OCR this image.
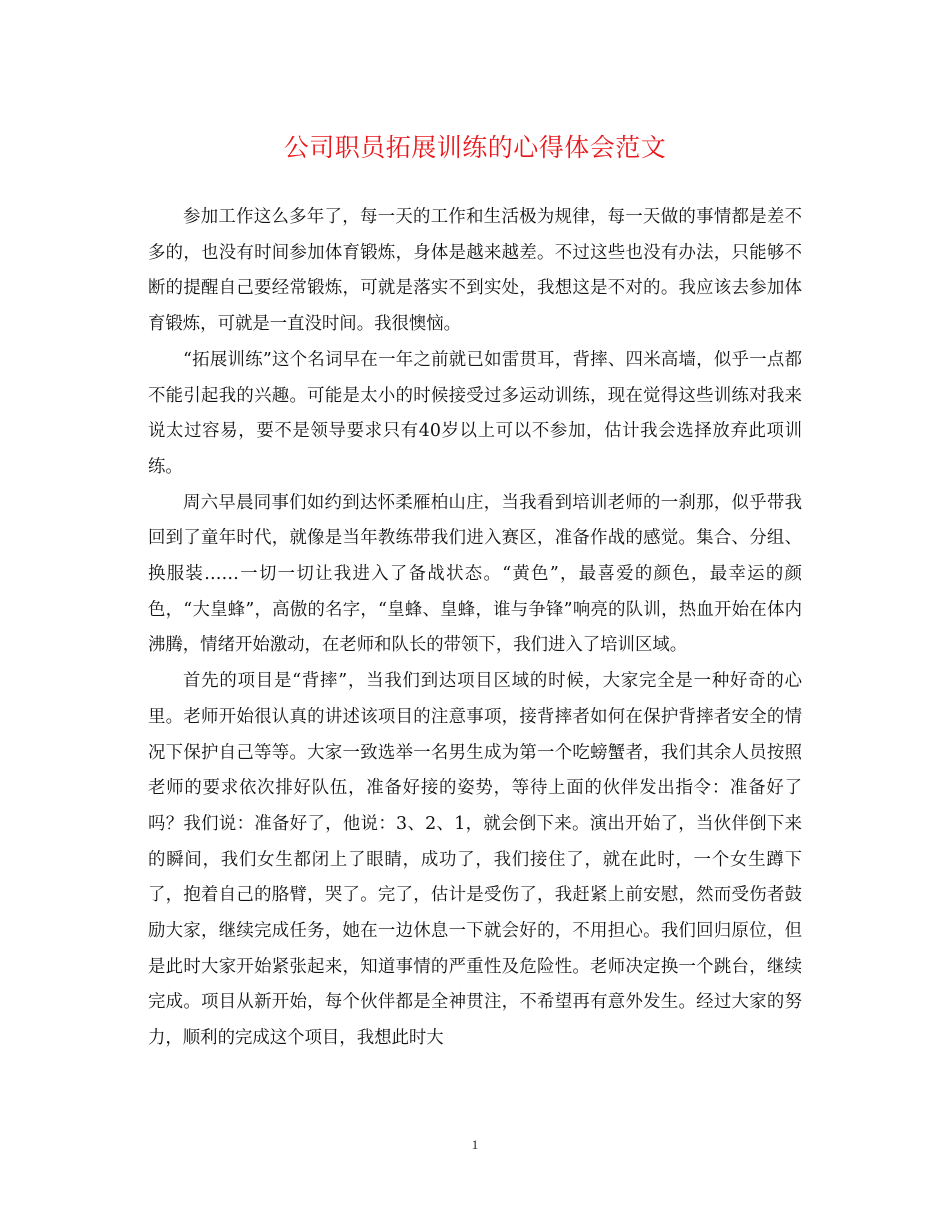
公司职员拓展训练的心得体会范文

参加工作这么多年了，每一天的工作和生活极为规律，每一天做的事情都是差不多的，也没有时间参加体育锻炼，身体是越来越差。不过这些也没有办法，只能够不断的提醒自己要经常锻炼，可就是落实不到实处，我想这是不对的。我应该去参加体育锻炼，可就是一直没时间。我很懊恼。

“拓展训练”这个名词早在一年之前就已如雷贯耳，背摔、四米高墙，似乎一点都不能引起我的兴趣。可能是太小的时候接受过多运动训练，现在觉得这些训练对我来说太过容易，要不是领导要求只有40岁以上可以不参加，估计我会选择放弃此项训练。

周六早晨同事们如约到达怀柔雁柏山庄，当我看到培训老师的一刹那，似乎带我回到了童年时代，就像是当年教练带我们进入赛区，准备作战的感觉。集合、分组、换服装……一切一切让我进入了备战状态。“黄色”，最喜爱的颜色，最幸运的颜色，“大皇蜂”，高傲的名字，“皇蜂、皇蜂，谁与争锋”响亮的队训，热血开始在体内沸腾，情绪开始激动，在老师和队长的带领下，我们进入了培训区域。

首先的项目是“背摔”，当我们到达项目区域的时候，大家完全是一种好奇的心里。老师开始很认真的讲述该项目的注意事项，接背摔者如何在保护背摔者安全的情况下保护自己等等。大家一致选举一名男生成为第一个吃螃蟹者，我们其余人员按照老师的要求依次排好队伍，准备好接的姿势，等待上面的伙伴发出指令：准备好了吗？我们说：准备好了，他说：3、2、1，就会倒下来。演出开始了，当伙伴倒下来的瞬间，我们女生都闭上了眼睛，成功了，我们接住了，就在此时，一个女生蹲下了，抱着自己的胳臂，哭了。完了，估计是受伤了，我赶紧上前安慰，然而受伤者鼓励大家，继续完成任务，她在一边休息一下就会好的，不用担心。我们回归原位，但是此时大家开始紧张起来，知道事情的严重性及危险性。老师决定换一个跳台，继续完成。项目从新开始，每个伙伴都是全神贯注，不希望再有意外发生。经过大家的努力，顺利的完成这个项目，我想此时大

1
